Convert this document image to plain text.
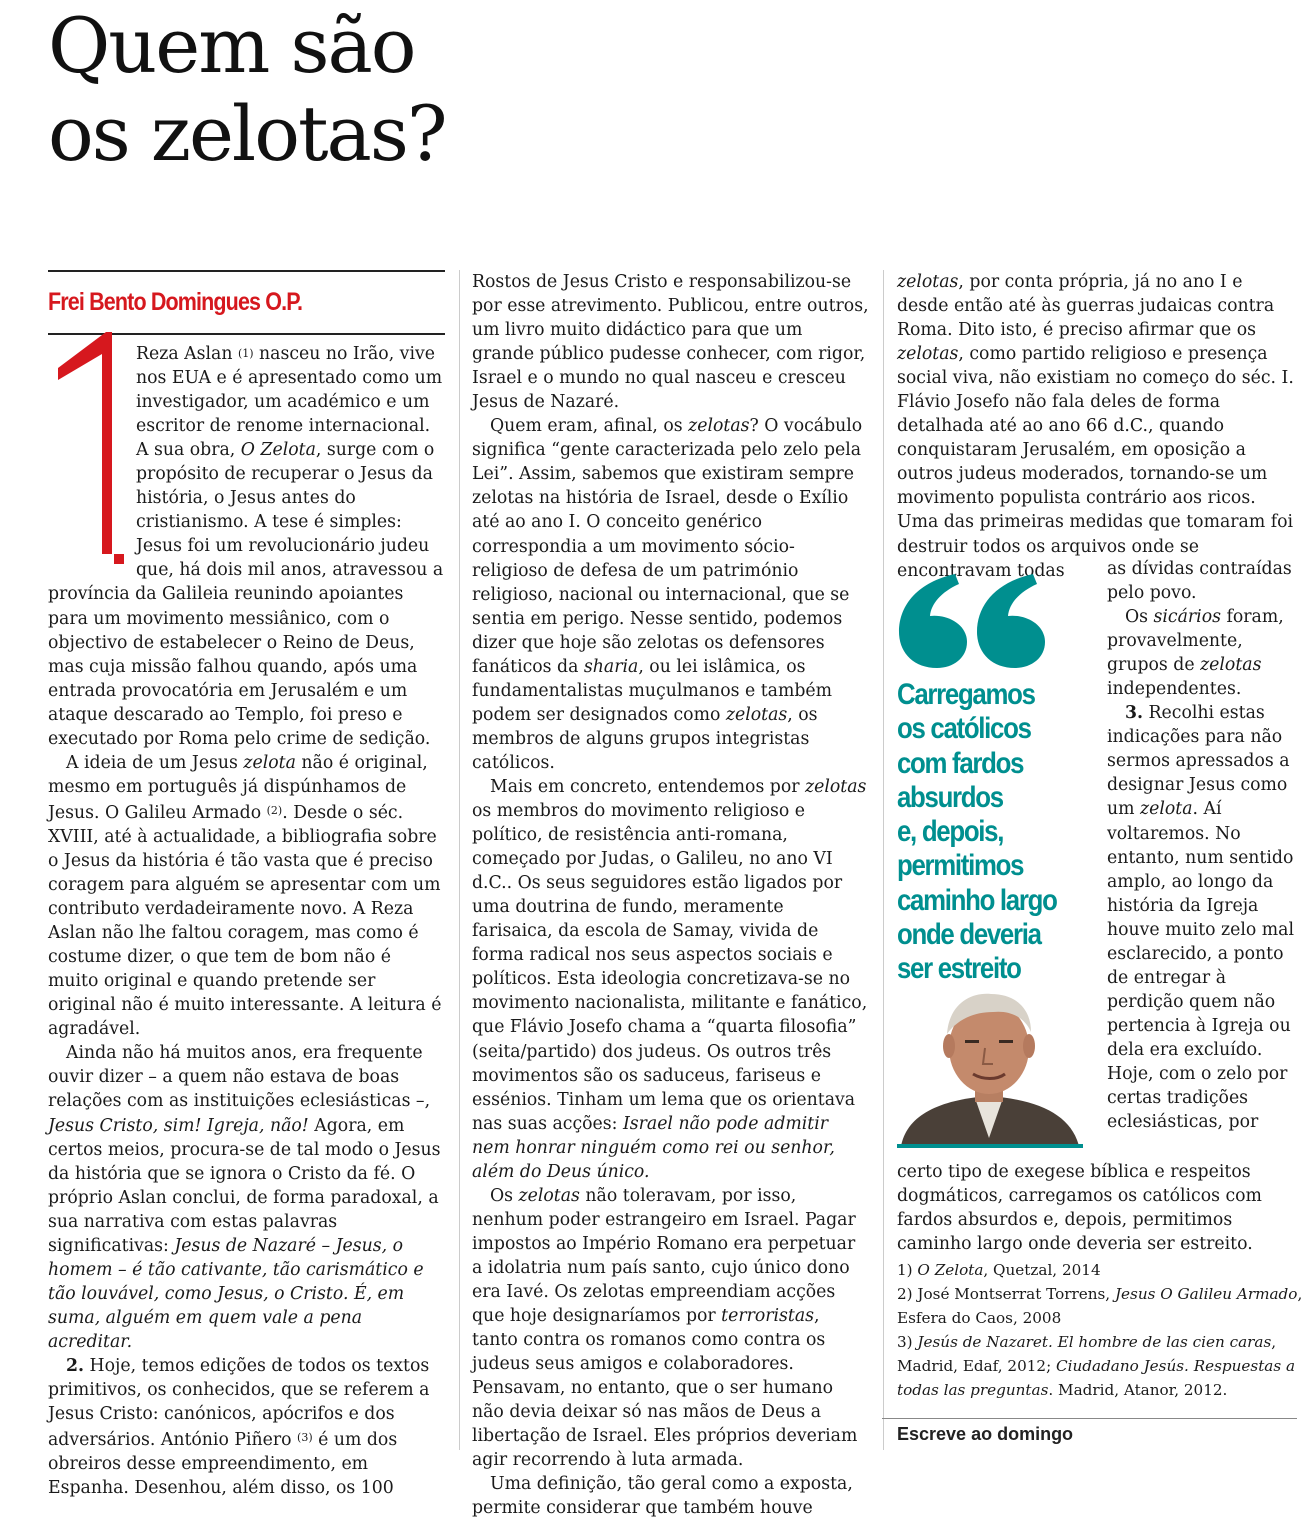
Quem são
os zelotas?
Frei Bento Domingues O.P.

Reza Aslan (1) nasceu no Irão, vive nos EUA e é apresentado como um investigador, um académico e um escritor de renome internacional. A sua obra, O Zelota, surge com o propósito de recuperar o Jesus da história, o Jesus antes do cristianismo. A tese é simples: Jesus foi um revolucionário judeu que, há dois mil anos, atravessou a província da Galileia reunindo apoiantes para um movimento messiânico, com o objectivo de estabelecer o Reino de Deus, mas cuja missão falhou quando, após uma entrada provocatória em Jerusalém e um ataque descarado ao Templo, foi preso e executado por Roma pelo crime de sedição.

A ideia de um Jesus zelota não é original, mesmo em português já dispúnhamos de Jesus. O Galileu Armado $^{(2)}$. Desde o séc. XVIII, até à actualidade, a bibliografia sobre o Jesus da história é tão vasta que é preciso coragem para alguém se apresentar com um contributo verdadeiramente novo. A Reza Aslan não lhe faltou coragem, mas como é costume dizer, o que tem de bom não é muito original e quando pretende ser original não é muito interessante. A leitura é agradável.

Ainda não há muitos anos, era frequente ouvir dizer – a quem não estava de boas relações com as instituições eclesiásticas –, Jesus Cristo, sim! Igreja, não! Agora, em certos meios, procura-se de tal modo o Jesus da história que se ignora o Cristo da fé. O próprio Aslan conclui, de forma paradoxal, a sua narrativa com estas palavras significativas: Jesus de Nazaré – Jesus, o homem – é tão cativante, tão carismático e tão louvável, como Jesus, o Cristo. É, em suma, alguém em quem vale a pena acreditar.

2. Hoje, temos edições de todos os textos primitivos, os conhecidos, que se referem a Jesus Cristo: canónicos, apócrifos e dos adversários. António Piñero $^{(3)}$ é um dos obreiros desse empreendimento, em Espanha. Desenhou, além disso, os 100

Rostos de Jesus Cristo e responsabilizou-se por esse atrevimento. Publicou, entre outros, um livro muito didáctico para que um grande público pudesse conhecer, com rigor, Israel e o mundo no qual nasceu e cresceu Jesus de Nazaré.

Quem eram, afinal, os zelotas? O vocábulo significa “gente caracterizada pelo zelo pela Lei”. Assim, sabemos que existiram sempre zelotas na história de Israel, desde o Exílio até ao ano I. O conceito genérico correspondia a um movimento sócio-religioso de defesa de um património religioso, nacional ou internacional, que se sentia em perigo. Nesse sentido, podemos dizer que hoje são zelotas os defensores fanáticos da sharia, ou lei islâmica, os fundamentalistas muçulmanos e também podem ser designados como zelotas, os membros de alguns grupos integristas católicos.

Mais em concreto, entendemos por zelotas os membros do movimento religioso e político, de resistência anti-romana, começado por Judas, o Galileu, no ano VI d.C.. Os seus seguidores estão ligados por uma doutrina de fundo, meramente farisaica, da escola de Samay, vivida de forma radical nos seus aspectos sociais e políticos. Esta ideologia concretizava-se no movimento nacionalista, militante e fanático, que Flávio Josefo chama a “quarta filosofia” (seita/partido) dos judeus. Os outros três movimentos são os saduceus, fariseus e essénios. Tinham um lema que os orientava nas suas acções: Israel não pode admitir nem honrar ninguém como rei ou senhor, além do Deus único.

Os zelotas não toleravam, por isso, nenhum poder estrangeiro em Israel. Pagar impostos ao Império Romano era perpetuar a idolatria num país santo, cujo único dono era Iavé. Os zelotas empreendiam acções que hoje designaríamos por terroristas, tanto contra os romanos como contra os judeus seus amigos e colaboradores. Pensavam, no entanto, que o ser humano não devia deixar só nas mãos de Deus a libertação de Israel. Eles próprios deveriam agir recorrendo à luta armada.

Uma definição, tão geral como a exposta, permite considerar que também houve

zelotas, por conta própria, já no ano I e desde então até às guerras judaicas contra Roma. Dito isto, é preciso afirmar que os zelotas, como partido religioso e presença social viva, não existiam no começo do séc. I. Flávio Josefo não fala deles de forma detalhada até ao ano 66 d.C., quando conquistaram Jerusalém, em oposição a outros judeus moderados, tornando-se um movimento populista contrário aos ricos. Uma das primeiras medidas que tomaram foi destruir todos os arquivos onde se encontravam todas

Carregamos
os católicos
com fardos
absurdos
e, depois,
permitimos
caminho largo
onde deveria
ser estreito

as dívidas contraídas pelo povo.

Os sicários foram, provavelmente, grupos de zelotas independentes.

3. Recolhi estas indicações para não sermos apressados a designar Jesus como um zelota. Aí voltaremos. No entanto, num sentido amplo, ao longo da história da Igreja houve muito zelo mal esclarecido, a ponto de entregar à perdição quem não pertencia à Igreja ou dela era excluído. Hoje, com o zelo por certas tradições eclesiásticas, por

certo tipo de exegese bíblica e respeitos dogmáticos, carregamos os católicos com fardos absurdos e, depois, permitimos caminho largo onde deveria ser estreito.

1) O Zelota, Quetzal, 2014
2) José Montserrat Torrens, Jesus O Galileu Armado,
Esfera do Caos, 2008
3) Jesús de Nazaret. El hombre de las cien caras,
Madrid, Edaf, 2012; Ciudadano Jesús. Respuestas a
todas las preguntas. Madrid, Atanor, 2012.
Escreve ao domingo
